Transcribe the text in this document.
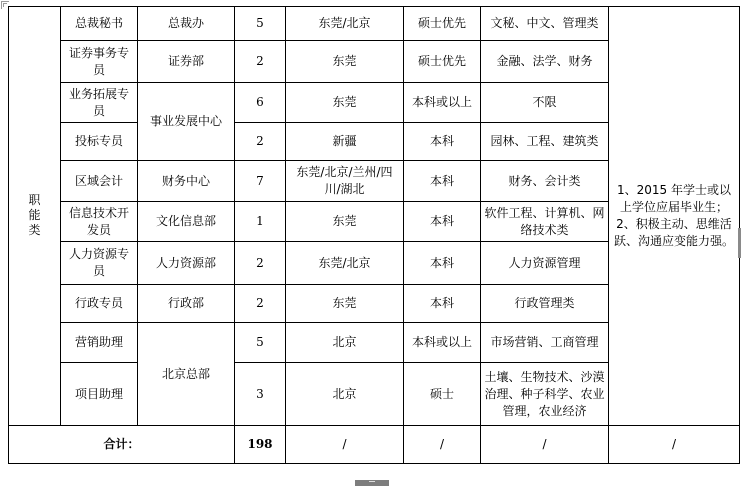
职能类	总裁秘书	总裁办	5	东莞/北京	硕士优先	文秘、中文、管理类	1、2015 年学士或以上学位应届毕业生；2、积极主动、思维活跃、沟通应变能力强。
	证券事务专员	证券部	2	东莞	硕士优先	金融、法学、财务	
	业务拓展专员	事业发展中心	6	东莞	本科或以上	不限	
	投标专员		2	新疆	本科	园林、工程、建筑类	
	区域会计	财务中心	7	东莞/北京/兰州/四川/湖北	本科	财务、会计类	
	信息技术开发员	文化信息部	1	东莞	本科	软件工程、计算机、网络技术类	
	人力资源专员	人力资源部	2	东莞/北京	本科	人力资源管理	
	行政专员	行政部	2	东莞	本科	行政管理类	
	营销助理	北京总部	5	北京	本科或以上	市场营销、工商管理	
	项目助理		3	北京	硕士	土壤、生物技术、沙漠治理、种子科学、农业管理，农业经济	
合计：			198	/	/	/	/
